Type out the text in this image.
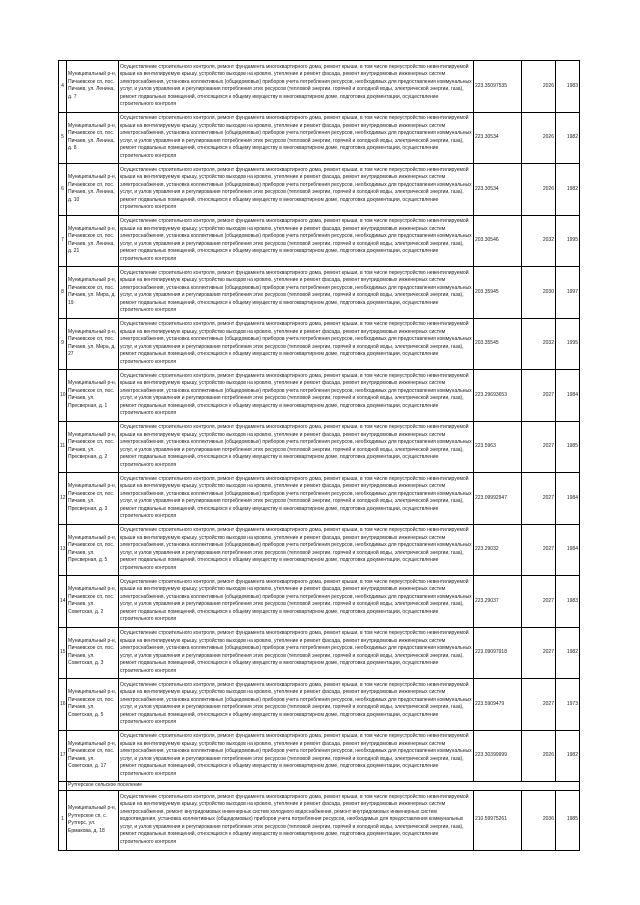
4	Муниципальный р-н, Пичаевское сп, пос. Пичаев, ул. Ленина, д. 7	Осуществление строительного контроля, ремонт фундамента многоквартирного дома, ремонт крыши, в том числе переустройство невентилируемой крыши на вентилируемую крышу, устройство выходов на кровлю, утепление и ремонт фасада, ремонт внутридомовых инженерных систем электроснабжения, установка коллективных (общедомовых) приборов учета потребления ресурсов, необходимых для предоставления коммунальных услуг, и узлов управления и регулирования потребления этих ресурсов (тепловой энергии, горячей и холодной воды, электрической энергии, газа), ремонт подвальных помещений, относящихся к общему имуществу в многоквартирном доме, подготовка документации, осуществление строительного контроля	223.35097535	2026	1983
5	Муниципальный р-н, Пичаевское сп, пос. Пичаев, ул. Ленина, д. 8	Осуществление строительного контроля, ремонт фундамента многоквартирного дома, ремонт крыши, в том числе переустройство невентилируемой крыши на вентилируемую крышу, устройство выходов на кровлю, утепление и ремонт фасада, ремонт внутридомовых инженерных систем электроснабжения, установка коллективных (общедомовых) приборов учета потребления ресурсов, необходимых для предоставления коммунальных услуг, и узлов управления и регулирования потребления этих ресурсов (тепловой энергии, горячей и холодной воды, электрической энергии, газа), ремонт подвальных помещений, относящихся к общему имуществу в многоквартирном доме, подготовка документации, осуществление строительного контроля	223.30534	2026	1982
6	Муниципальный р-н, Пичаевское сп, пос. Пичаев, ул. Ленина, д. 10	Осуществление строительного контроля, ремонт фундамента многоквартирного дома, ремонт крыши, в том числе переустройство невентилируемой крыши на вентилируемую крышу, устройство выходов на кровлю, утепление и ремонт фасада, ремонт внутридомовых инженерных систем электроснабжения, установка коллективных (общедомовых) приборов учета потребления ресурсов, необходимых для предоставления коммунальных услуг, и узлов управления и регулирования потребления этих ресурсов (тепловой энергии, горячей и холодной воды, электрической энергии, газа), ремонт подвальных помещений, относящихся к общему имуществу в многоквартирном доме, подготовка документации, осуществление строительного контроля	223.30534	2026	1982
7	Муниципальный р-н, Пичаевское сп, пос. Пичаев, ул. Ленина, д. 21	Осуществление строительного контроля, ремонт фундамента многоквартирного дома, ремонт крыши, в том числе переустройство невентилируемой крыши на вентилируемую крышу, устройство выходов на кровлю, утепление и ремонт фасада, ремонт внутридомовых инженерных систем электроснабжения, установка коллективных (общедомовых) приборов учета потребления ресурсов, необходимых для предоставления коммунальных услуг, и узлов управления и регулирования потребления этих ресурсов (тепловой энергии, горячей и холодной воды, электрической энергии, газа), ремонт подвальных помещений, относящихся к общему имуществу в многоквартирном доме, подготовка документации, осуществление строительного контроля	203.30546	2032	1995
8	Муниципальный р-н, Пичаевское сп, пос. Пичаев, ул. Мира, д. 19	Осуществление строительного контроля, ремонт фундамента многоквартирного дома, ремонт крыши, в том числе переустройство невентилируемой крыши на вентилируемую крышу, устройство выходов на кровлю, утепление и ремонт фасада, ремонт внутридомовых инженерных систем электроснабжения, установка коллективных (общедомовых) приборов учета потребления ресурсов, необходимых для предоставления коммунальных услуг, и узлов управления и регулирования потребления этих ресурсов (тепловой энергии, горячей и холодной воды, электрической энергии, газа), ремонт подвальных помещений, относящихся к общему имуществу в многоквартирном доме, подготовка документации, осуществление строительного контроля	203.35945	2030	1997
9	Муниципальный р-н, Пичаевское сп, пос. Пичаев, ул. Мира, д. 27	Осуществление строительного контроля, ремонт фундамента многоквартирного дома, ремонт крыши, в том числе переустройство невентилируемой крыши на вентилируемую крышу, устройство выходов на кровлю, утепление и ремонт фасада, ремонт внутридомовых инженерных систем электроснабжения, установка коллективных (общедомовых) приборов учета потребления ресурсов, необходимых для предоставления коммунальных услуг, и узлов управления и регулирования потребления этих ресурсов (тепловой энергии, горячей и холодной воды, электрической энергии, газа), ремонт подвальных помещений, относящихся к общему имуществу в многоквартирном доме, подготовка документации, осуществление строительного контроля	203.35545	2032	1995
10	Муниципальный р-н, Пичаевское сп, пос. Пичаев, ул. Пресверная, д. 1	Осуществление строительного контроля, ремонт фундамента многоквартирного дома, ремонт крыши, в том числе переустройство невентилируемой крыши на вентилируемую крышу, устройство выходов на кровлю, утепление и ремонт фасада, ремонт внутридомовых инженерных систем электроснабжения, установка коллективных (общедомовых) приборов учета потребления ресурсов, необходимых для предоставления коммунальных услуг, и узлов управления и регулирования потребления этих ресурсов (тепловой энергии, горячей и холодной воды, электрической энергии, газа), ремонт подвальных помещений, относящихся к общему имуществу в многоквартирном доме, подготовка документации, осуществление строительного контроля	223.29693653	2027	1984
11	Муниципальный р-н, Пичаевское сп, пос. Пичаев, ул. Пресверная, д. 2	Осуществление строительного контроля, ремонт фундамента многоквартирного дома, ремонт крыши, в том числе переустройство невентилируемой крыши на вентилируемую крышу, устройство выходов на кровлю, утепление и ремонт фасада, ремонт внутридомовых инженерных систем электроснабжения, установка коллективных (общедомовых) приборов учета потребления ресурсов, необходимых для предоставления коммунальных услуг, и узлов управления и регулирования потребления этих ресурсов (тепловой энергии, горячей и холодной воды, электрической энергии, газа), ремонт подвальных помещений, относящихся к общему имуществу в многоквартирном доме, подготовка документации, осуществление строительного контроля	223.5963	2027	1985
12	Муниципальный р-н, Пичаевское сп, пос. Пичаев, ул. Пресверная, д. 3	Осуществление строительного контроля, ремонт фундамента многоквартирного дома, ремонт крыши, в том числе переустройство невентилируемой крыши на вентилируемую крышу, устройство выходов на кровлю, утепление и ремонт фасада, ремонт внутридомовых инженерных систем электроснабжения, установка коллективных (общедомовых) приборов учета потребления ресурсов, необходимых для предоставления коммунальных услуг, и узлов управления и регулирования потребления этих ресурсов (тепловой энергии, горячей и холодной воды, электрической энергии, газа), ремонт подвальных помещений, относящихся к общему имуществу в многоквартирном доме, подготовка документации, осуществление строительного контроля	223.09992947	2027	1984
13	Муниципальный р-н, Пичаевское сп, пос. Пичаев, ул. Пресверная, д. 5	Осуществление строительного контроля, ремонт фундамента многоквартирного дома, ремонт крыши, в том числе переустройство невентилируемой крыши на вентилируемую крышу, устройство выходов на кровлю, утепление и ремонт фасада, ремонт внутридомовых инженерных систем электроснабжения, установка коллективных (общедомовых) приборов учета потребления ресурсов, необходимых для предоставления коммунальных услуг, и узлов управления и регулирования потребления этих ресурсов (тепловой энергии, горячей и холодной воды, электрической энергии, газа), ремонт подвальных помещений, относящихся к общему имуществу в многоквартирном доме, подготовка документации, осуществление строительного контроля	223.29032	2027	1984
14	Муниципальный р-н, Пичаевское сп, пос. Пичаев, ул. Советская, д. 2	Осуществление строительного контроля, ремонт фундамента многоквартирного дома, ремонт крыши, в том числе переустройство невентилируемой крыши на вентилируемую крышу, устройство выходов на кровлю, утепление и ремонт фасада, ремонт внутридомовых инженерных систем электроснабжения, установка коллективных (общедомовых) приборов учета потребления ресурсов, необходимых для предоставления коммунальных услуг, и узлов управления и регулирования потребления этих ресурсов (тепловой энергии, горячей и холодной воды, электрической энергии, газа), ремонт подвальных помещений, относящихся к общему имуществу в многоквартирном доме, подготовка документации, осуществление строительного контроля	223.29037	2027	1983
15	Муниципальный р-н, Пичаевское сп, пос. Пичаев, ул. Советская, д. 3	Осуществление строительного контроля, ремонт фундамента многоквартирного дома, ремонт крыши, в том числе переустройство невентилируемой крыши на вентилируемую крышу, устройство выходов на кровлю, утепление и ремонт фасада, ремонт внутридомовых инженерных систем электроснабжения, установка коллективных (общедомовых) приборов учета потребления ресурсов, необходимых для предоставления коммунальных услуг, и узлов управления и регулирования потребления этих ресурсов (тепловой энергии, горячей и холодной воды, электрической энергии, газа), ремонт подвальных помещений, относящихся к общему имуществу в многоквартирном доме, подготовка документации, осуществление строительного контроля	223.09097918	2027	1982
16	Муниципальный р-н, Пичаевское сп, пос. Пичаев, ул. Советская, д. 5	Осуществление строительного контроля, ремонт фундамента многоквартирного дома, ремонт крыши, в том числе переустройство невентилируемой крыши на вентилируемую крышу, устройство выходов на кровлю, утепление и ремонт фасада, ремонт внутридомовых инженерных систем электроснабжения, установка коллективных (общедомовых) приборов учета потребления ресурсов, необходимых для предоставления коммунальных услуг, и узлов управления и регулирования потребления этих ресурсов (тепловой энергии, горячей и холодной воды, электрической энергии, газа), ремонт подвальных помещений, относящихся к общему имуществу в многоквартирном доме, подготовка документации, осуществление строительного контроля	223.5909479	2027	1973
17	Муниципальный р-н, Пичаевское сп, пос. Пичаев, ул. Советская, д. 17	Осуществление строительного контроля, ремонт фундамента многоквартирного дома, ремонт крыши, в том числе переустройство невентилируемой крыши на вентилируемую крышу, устройство выходов на кровлю, утепление и ремонт фасада, ремонт внутридомовых инженерных систем электроснабжения, установка коллективных (общедомовых) приборов учета потребления ресурсов, необходимых для предоставления коммунальных услуг, и узлов управления и регулирования потребления этих ресурсов (тепловой энергии, горячей и холодной воды, электрической энергии, газа), ремонт подвальных помещений, относящихся к общему имуществу в многоквартирном доме, подготовка документации, осуществление строительного контроля	223.30399999	2026	1982
	Рутгерское сельское поселение				
1	Муниципальный р-н, Рутгерское сп, с. Рутгерс, ул. Ермакова, д. 18	Осуществление строительного контроля, ремонт фундамента многоквартирного дома, ремонт крыши, в том числе переустройство невентилируемой крыши на вентилируемую крышу, устройство выходов на кровлю, утепление и ремонт фасада, ремонт внутридомовых инженерных систем электроснабжения, ремонт внутридомовых инженерных систем холодного водоснабжения, ремонт внутридомовых инженерных систем водоотведения, установка коллективных (общедомовых) приборов учета потребления ресурсов, необходимых для предоставления коммунальных услуг, и узлов управления и регулирования потребления этих ресурсов (тепловой энергии, горячей и холодной воды, электрической энергии, газа), ремонт подвальных помещений, относящихся к общему имуществу в многоквартирном доме, подготовка документации, осуществление строительного контроля	210.59975261	2036	1985
